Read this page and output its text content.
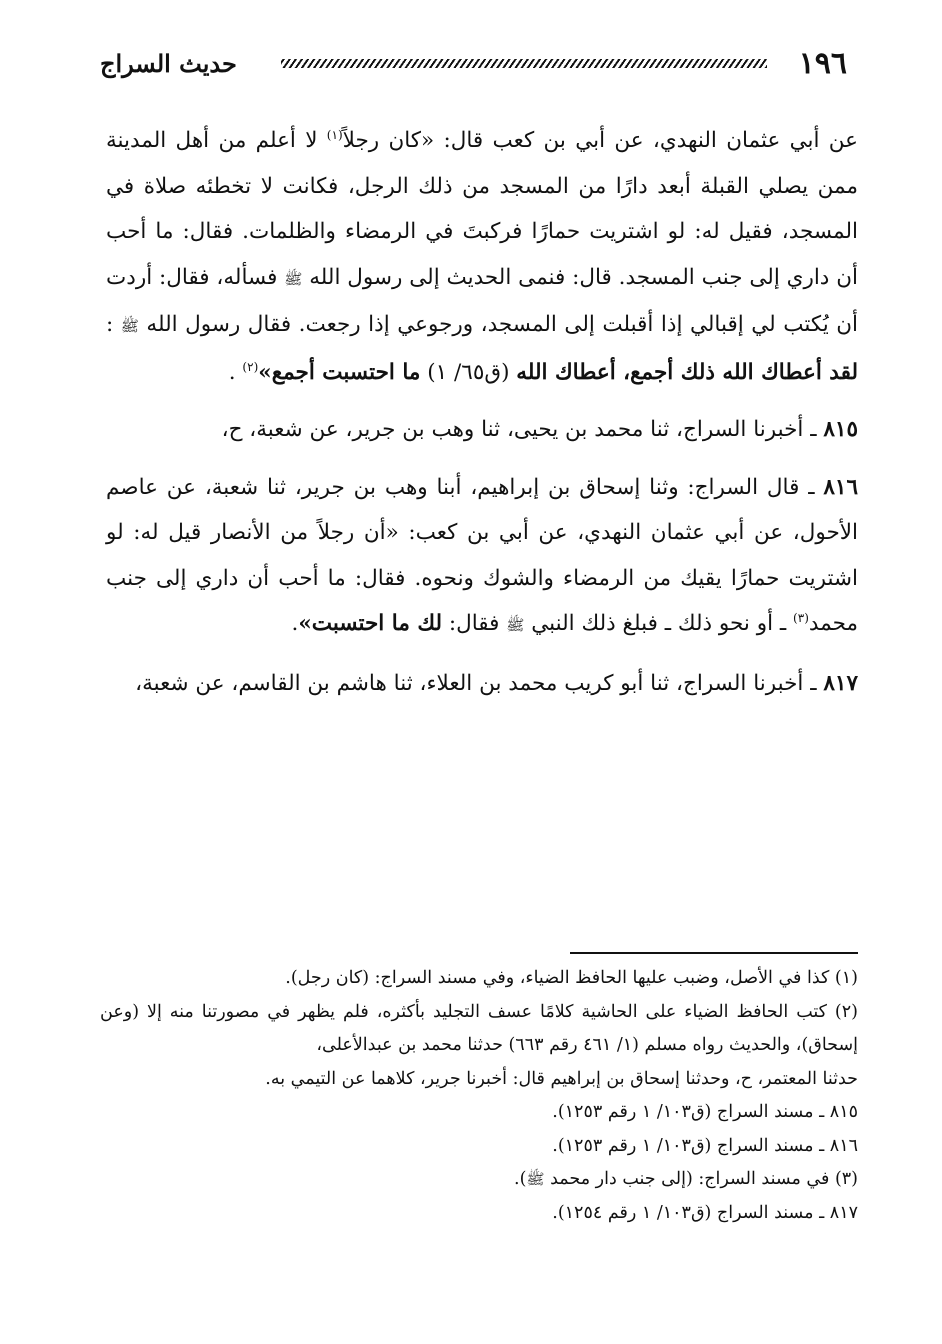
١٩٦
حديث السراج

عن أبي عثمان النهدي، عن أبي بن كعب قال: «كان رجلاً$^{(١)}$ لا أعلم من أهل المدينة ممن يصلي القبلة أبعد دارًا من المسجد من ذلك الرجل، فكانت لا تخطئه صلاة في المسجد، فقيل له: لو اشتريت حمارًا فركبتَ في الرمضاء والظلمات. فقال: ما أحب أن داري إلى جنب المسجد. قال: فنمى الحديث إلى رسول الله ﷺ فسأله، فقال: أردت أن يُكتب لي إقبالي إذا أقبلت إلى المسجد، ورجوعي إذا رجعت. فقال رسول الله ﷺ : لقد أعطاك الله ذلك أجمع، أعطاك الله (ق٦٥/ ١) ما احتسبت أجمع»$^{(٢)}$ .

٨١٥ ـ أخبرنا السراج، ثنا محمد بن يحيى، ثنا وهب بن جرير، عن شعبة، ح،

٨١٦ ـ قال السراج: وثنا إسحاق بن إبراهيم، أبنا وهب بن جرير، ثنا شعبة، عن عاصم الأحول، عن أبي عثمان النهدي، عن أبي بن كعب: «أن رجلاً من الأنصار قيل له: لو اشتريت حمارًا يقيك من الرمضاء والشوك ونحوه. فقال: ما أحب أن داري إلى جنب محمد$^{(٣)}$ ـ أو نحو ذلك ـ فبلغ ذلك النبي ﷺ فقال: لك ما احتسبت».

٨١٧ ـ أخبرنا السراج، ثنا أبو كريب محمد بن العلاء، ثنا هاشم بن القاسم، عن شعبة،

(١) كذا في الأصل، وضبب عليها الحافظ الضياء، وفي مسند السراج: (كان رجل).

(٢) كتب الحافظ الضياء على الحاشية كلامًا عسف التجليد بأكثره، فلم يظهر في مصورتنا منه إلا (وعن إسحاق)، والحديث رواه مسلم (١/ ٤٦١ رقم ٦٦٣) حدثنا محمد بن عبدالأعلى،

حدثنا المعتمر، ح، وحدثنا إسحاق بن إبراهيم قال: أخبرنا جرير، كلاهما عن التيمي به.

٨١٥ ـ مسند السراج (ق١٠٣/ ١ رقم ١٢٥٣).

٨١٦ ـ مسند السراج (ق١٠٣/ ١ رقم ١٢٥٣).

(٣) في مسند السراج: (إلى جنب دار محمد ﷺ).

٨١٧ ـ مسند السراج (ق١٠٣/ ١ رقم ١٢٥٤).
